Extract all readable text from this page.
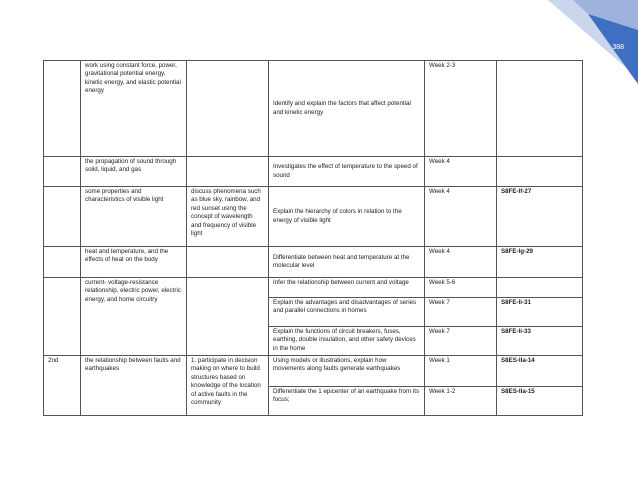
388
	work using constant force, power, gravitational potential energy, kinetic energy, and elastic potential energy		Identify and explain the factors that affect potential and kinetic energy	Week 2-3	
	the propagation of sound through solid, liquid, and gas		Investigates the effect of temperature to the speed of sound	Week 4	
	some properties and characteristics of visible light	discuss phenomena such as blue sky, rainbow, and red sunset using the concept of wavelength and frequency of visible light	Explain the hierarchy of colors in relation to the energy of visible light	Week 4	S8FE-If-27
	heat and temperature, and the effects of heat on the body		Differentiate between heat and temperature at the molecular level	Week 4	S8FE-Ig-29
	current- voltage-resistance relationship, electric power, electric energy, and home circuitry		Infer the relationship between current and voltage	Week 5-6	
			Explain the advantages and disadvantages of series and parallel connections in homes	Week 7	S8FE-Ii-31
			Explain the functions of circuit breakers, fuses, earthing, double insulation, and other safety devices in the home	Week 7	S8FE-Ii-33
2nd	the relationship between faults and earthquakes	1. participate in decision making on where to build structures based on knowledge of the location of active faults in the community	Using models or illustrations, explain how movements along faults generate earthquakes	Week 1	S8ES-IIa-14
			Differentiate the 1 epicenter of an earthquake from its focus;	Week 1-2	S8ES-IIa-15
